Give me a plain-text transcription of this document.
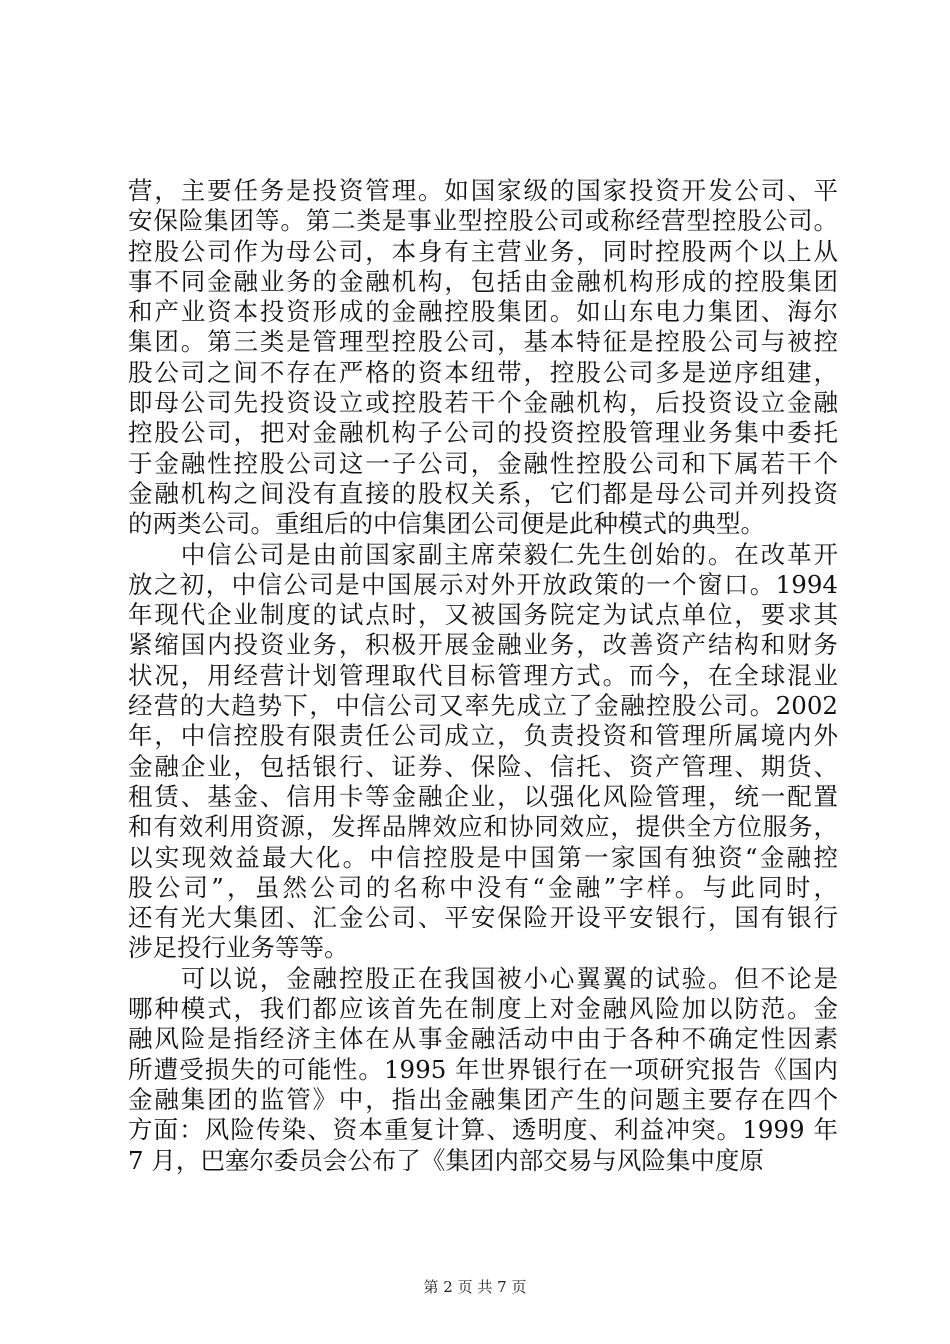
营，主要任务是投资管理。如国家级的国家投资开发公司、平
安保险集团等。第二类是事业型控股公司或称经营型控股公司。
控股公司作为母公司，本身有主营业务，同时控股两个以上从
事不同金融业务的金融机构，包括由金融机构形成的控股集团
和产业资本投资形成的金融控股集团。如山东电力集团、海尔
集团。第三类是管理型控股公司，基本特征是控股公司与被控
股公司之间不存在严格的资本纽带，控股公司多是逆序组建，
即母公司先投资设立或控股若干个金融机构，后投资设立金融
控股公司，把对金融机构子公司的投资控股管理业务集中委托
于金融性控股公司这一子公司，金融性控股公司和下属若干个
金融机构之间没有直接的股权关系，它们都是母公司并列投资
的两类公司。重组后的中信集团公司便是此种模式的典型。
　　中信公司是由前国家副主席荣毅仁先生创始的。在改革开
放之初，中信公司是中国展示对外开放政策的一个窗口。1994
年现代企业制度的试点时，又被国务院定为试点单位，要求其
紧缩国内投资业务，积极开展金融业务，改善资产结构和财务
状况，用经营计划管理取代目标管理方式。而今，在全球混业
经营的大趋势下，中信公司又率先成立了金融控股公司。2002
年，中信控股有限责任公司成立，负责投资和管理所属境内外
金融企业，包括银行、证券、保险、信托、资产管理、期货、
租赁、基金、信用卡等金融企业，以强化风险管理，统一配置
和有效利用资源，发挥品牌效应和协同效应，提供全方位服务，
以实现效益最大化。中信控股是中国第一家国有独资“金融控
股公司”，虽然公司的名称中没有“金融”字样。与此同时，
还有光大集团、汇金公司、平安保险开设平安银行，国有银行
涉足投行业务等等。
　　可以说，金融控股正在我国被小心翼翼的试验。但不论是
哪种模式，我们都应该首先在制度上对金融风险加以防范。金
融风险是指经济主体在从事金融活动中由于各种不确定性因素
所遭受损失的可能性。1995 年世界银行在一项研究报告《国内
金融集团的监管》中，指出金融集团产生的问题主要存在四个
方面：风险传染、资本重复计算、透明度、利益冲突。1999 年
7 月，巴塞尔委员会公布了《集团内部交易与风险集中度原
第 2 页 共 7 页
